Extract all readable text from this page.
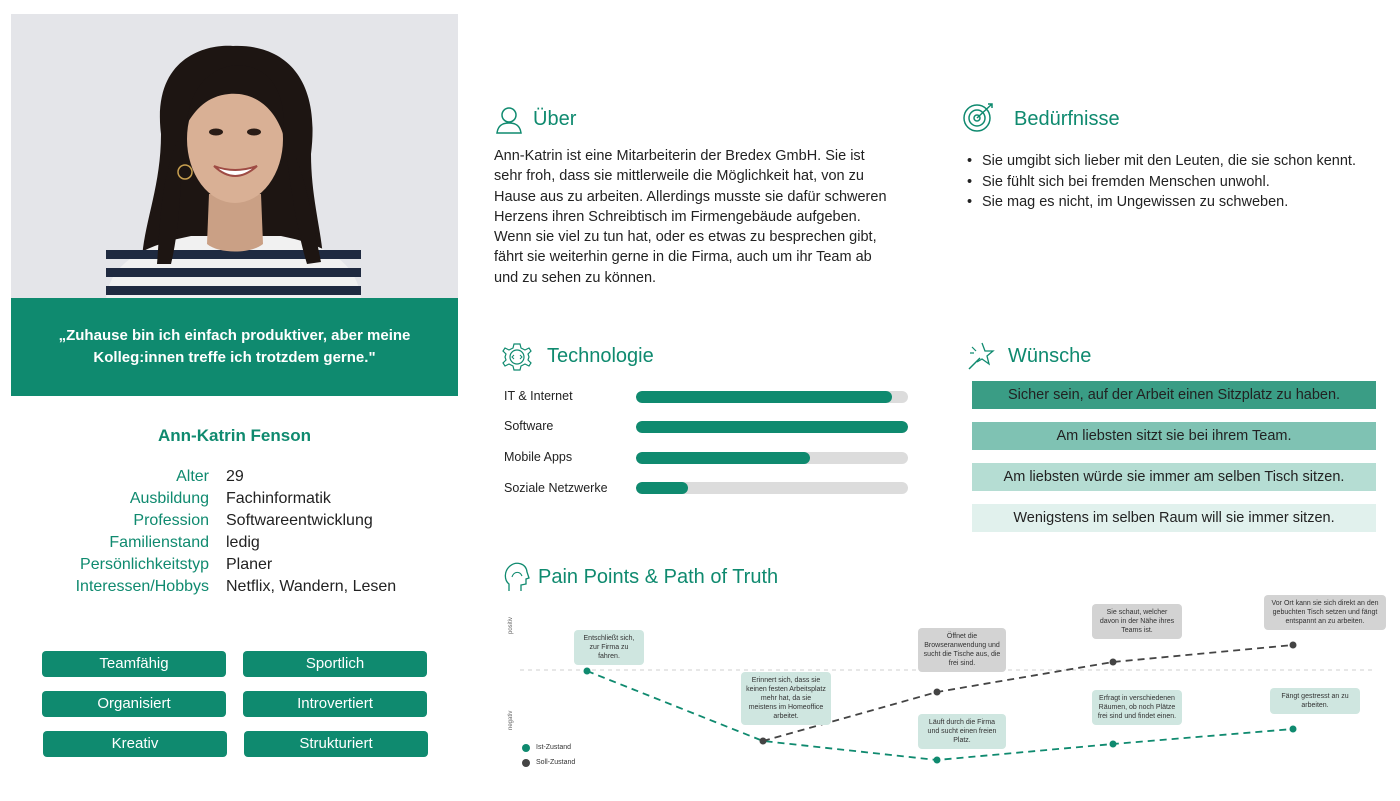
„Zuhause bin ich einfach produktiver, aber meine Kolleg:innen treffe ich trotzdem gerne."
Ann-Katrin Fenson
Alter 29
Ausbildung Fachinformatik
Profession Softwareentwicklung
Familienstand ledig
Persönlichkeitstyp Planer
Interessen/Hobbys Netflix, Wandern, Lesen
Teamfähig	Sportlich
Organisiert	Introvertiert
Kreativ	Strukturiert
Über
Ann-Katrin ist eine Mitarbeiterin der Bredex GmbH. Sie ist sehr froh, dass sie mittlerweile die Möglichkeit hat, von zu Hause aus zu arbeiten. Allerdings musste sie dafür schweren Herzens ihren Schreibtisch im Firmengebäude aufgeben. Wenn sie viel zu tun hat, oder es etwas zu besprechen gibt, fährt sie weiterhin gerne in die Firma, auch um ihr Team ab und zu sehen zu können.
Bedürfnisse
• Sie umgibt sich lieber mit den Leuten, die sie schon kennt.
• Sie fühlt sich bei fremden Menschen unwohl.
• Sie mag es nicht, im Ungewissen zu schweben.
Technologie
IT & Internet
Software
Mobile Apps
Soziale Netzwerke
Wünsche
Sicher sein, auf der Arbeit einen Sitzplatz zu haben.
Am liebsten sitzt sie bei ihrem Team.
Am liebsten würde sie immer am selben Tisch sitzen.
Wenigstens im selben Raum will sie immer sitzen.
Pain Points & Path of Truth
positiv
negativ
Entschließt sich, zur Firma zu fahren.
Erinnert sich, dass sie keinen festen Arbeitsplatz mehr hat, da sie meistens im Homeoffice arbeitet.
Läuft durch die Firma und sucht einen freien Platz.
Erfragt in verschiedenen Räumen, ob noch Plätze frei sind und findet einen.
Fängt gestresst an zu arbeiten.
Öffnet die Browseranwendung und sucht die Tische aus, die frei sind.
Sie schaut, welcher davon in der Nähe ihres Teams ist.
Vor Ort kann sie sich direkt an den gebuchten Tisch setzen und fängt entspannt an zu arbeiten.
Ist-Zustand
Soll-Zustand
